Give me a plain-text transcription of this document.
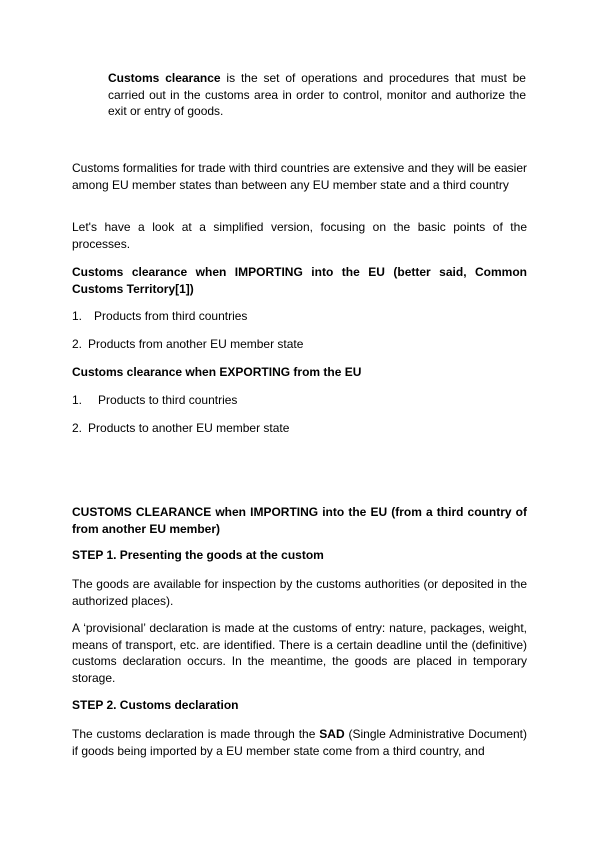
Customs clearance is the set of operations and procedures that must be carried out in the customs area in order to control, monitor and authorize the exit or entry of goods.

Customs formalities for trade with third countries are extensive and they will be easier among EU member states than between any EU member state and a third country

Let's have a look at a simplified version, focusing on the basic points of the processes.

Customs clearance when IMPORTING into the EU (better said, Common Customs Territory[1])

1. Products from third countries
2. Products from another EU member state

Customs clearance when EXPORTING from the EU

1. Products to third countries
2. Products to another EU member state

CUSTOMS CLEARANCE when IMPORTING into the EU (from a third country of from another EU member)

STEP 1. Presenting the goods at the custom

The goods are available for inspection by the customs authorities (or deposited in the authorized places).

A ‘provisional’ declaration is made at the customs of entry: nature, packages, weight, means of transport, etc. are identified. There is a certain deadline until the (definitive) customs declaration occurs. In the meantime, the goods are placed in temporary storage.

STEP 2. Customs declaration

The customs declaration is made through the SAD (Single Administrative Document) if goods being imported by a EU member state come from a third country, and
